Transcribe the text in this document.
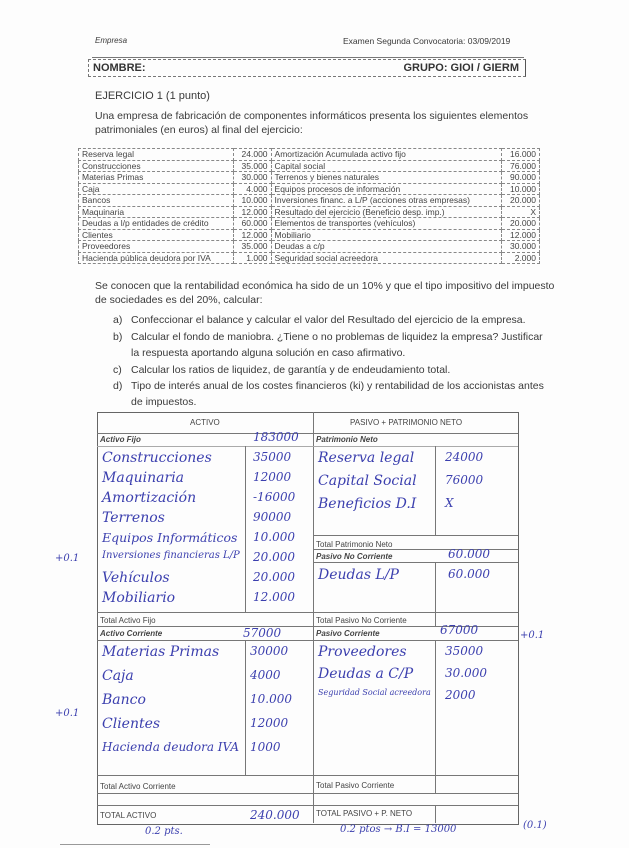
Empresa	Examen Segunda Convocatoria: 03/09/2019
NOMBRE:	GRUPO: GIOI / GIERM
EJERCICIO 1 (1 punto)
Una empresa de fabricación de componentes informáticos presenta los siguientes elementos
patrimoniales (en euros) al final del ejercicio:
Reserva legal	24.000	Amortización Acumulada activo fijo	16.000
Construcciones	35.000	Capital social	76.000
Materias Primas	30.000	Terrenos y bienes naturales	90.000
Caja	4.000	Equipos procesos de información	10.000
Bancos	10.000	Inversiones financ. a L/P (acciones otras empresas)	20.000
Maquinaria	12.000	Resultado del ejercicio (Beneficio desp. imp.)	X
Deudas a l/p entidades de crédito	60.000	Elementos de transportes (vehículos)	20.000
Clientes	12.000	Mobiliario	12.000
Proveedores	35.000	Deudas a c/p	30.000
Hacienda pública deudora por IVA	1.000	Seguridad social acreedora	2.000
Se conocen que la rentabilidad económica ha sido de un 10% y que el tipo impositivo del impuesto
de sociedades es del 20%, calcular:
a) Confeccionar el balance y calcular el valor del Resultado del ejercicio de la empresa.
b) Calcular el fondo de maniobra. ¿Tiene o no problemas de liquidez la empresa? Justificar
la respuesta aportando alguna solución en caso afirmativo.
c) Calcular los ratios de liquidez, de garantía y de endeudamiento total.
d) Tipo de interés anual de los costes financieros (ki) y rentabilidad de los accionistas antes
de impuestos.
ACTIVO	PASIVO + PATRIMONIO NETO
Activo Fijo	Patrimonio Neto
Total Patrimonio Neto
Pasivo No Corriente
Total Activo Fijo	Total Pasivo No Corriente
Activo Corriente	Pasivo Corriente
Total Activo Corriente	Total Pasivo Corriente
TOTAL ACTIVO	TOTAL PASIVO + P. NETO
183000
60.000
57000	67000
240.000
+0.1
+0.1
+0.1
0.2 pts.	0.2 ptos → B.I = 13000	(0.1)
Construcciones	35000
Maquinaria	12000
Amortización	-16000
Terrenos	90000
Equipos Informáticos 10.000
Inversiones financieras L/P 20.000
Vehículos	20.000
Mobiliario	12.000
Reserva legal	24000
Capital Social 76000
Beneficios D.I X
Deudas L/P	60.000
Materias Primas	30000
Caja	4000
Banco	10.000
Clientes	12000
Hacienda deudora IVA 1000
Proveedores	35000
Deudas a C/P	30.000
Seguridad Social acreedora 2000
